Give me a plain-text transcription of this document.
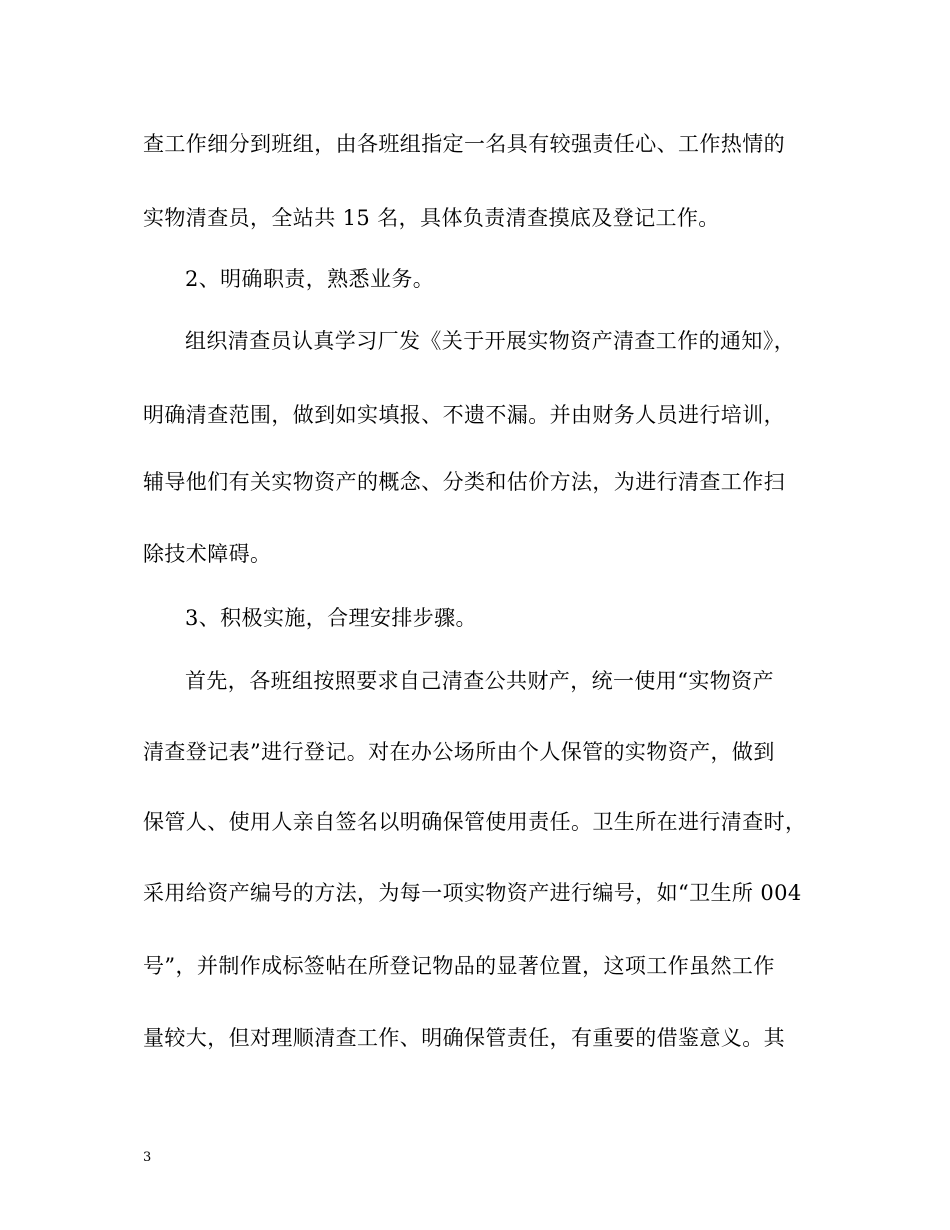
查工作细分到班组，由各班组指定一名具有较强责任心、工作热情的
实物清查员，全站共 15 名，具体负责清查摸底及登记工作。
2、明确职责，熟悉业务。
组织清查员认真学习厂发《关于开展实物资产清查工作的通知》，
明确清查范围，做到如实填报、不遗不漏。并由财务人员进行培训，
辅导他们有关实物资产的概念、分类和估价方法，为进行清查工作扫
除技术障碍。
3、积极实施，合理安排步骤。
首先，各班组按照要求自己清查公共财产，统一使用“实物资产
清查登记表”进行登记。对在办公场所由个人保管的实物资产，做到
保管人、使用人亲自签名以明确保管使用责任。卫生所在进行清查时，
采用给资产编号的方法，为每一项实物资产进行编号，如“卫生所 004
号”，并制作成标签帖在所登记物品的显著位置，这项工作虽然工作
量较大，但对理顺清查工作、明确保管责任，有重要的借鉴意义。其
3
